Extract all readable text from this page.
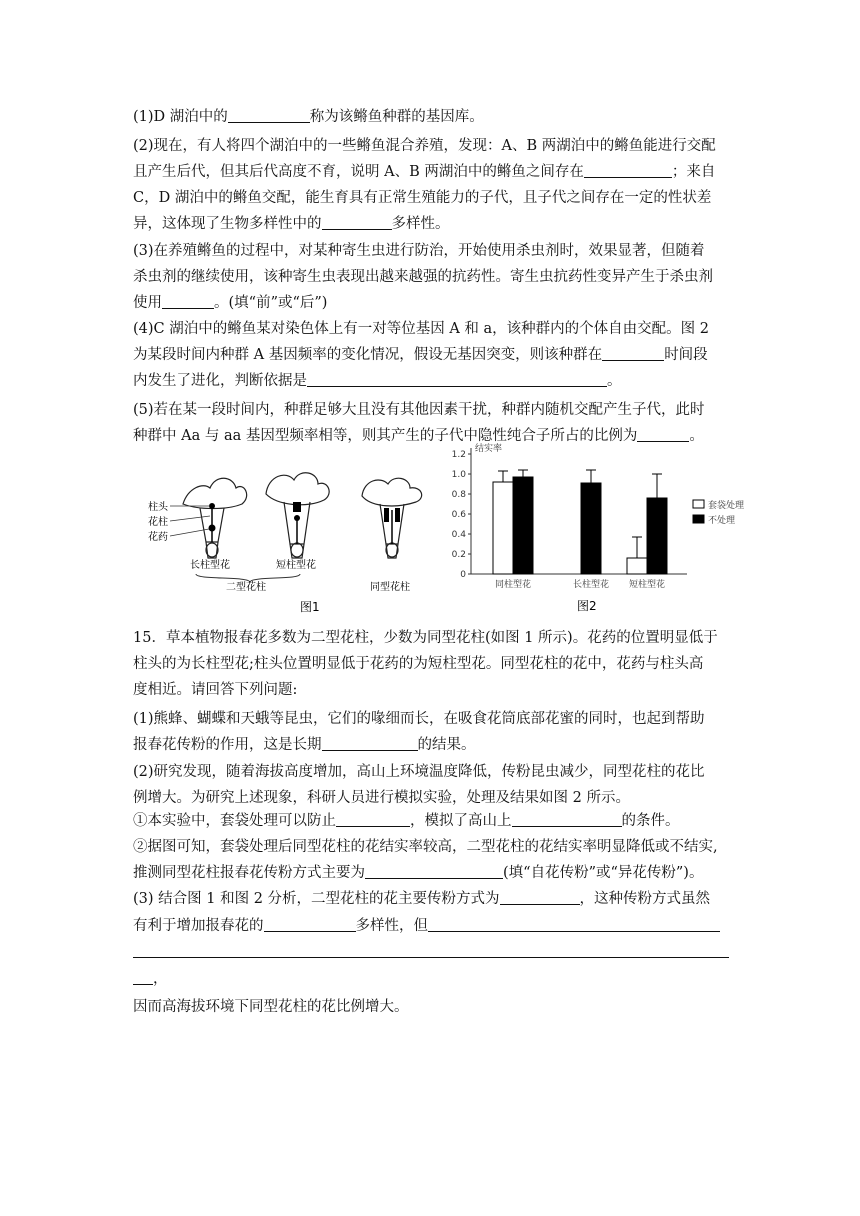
(1)D 湖泊中的	称为该鳉鱼种群的基因库。

(2)现在，有人将四个湖泊中的一些鳉鱼混合养殖，发现：A、B 两湖泊中的鳉鱼能进行交配

且产生后代，但其后代高度不育，说明 A、B 两湖泊中的鳉鱼之间存在	；来自

C，D 湖泊中的鳉鱼交配，能生育具有正常生殖能力的子代，且子代之间存在一定的性状差

异，这体现了生物多样性中的	多样性。

(3)在养殖鳉鱼的过程中，对某种寄生虫进行防治，开始使用杀虫剂时，效果显著，但随着

杀虫剂的继续使用，该种寄生虫表现出越来越强的抗药性。寄生虫抗药性变异产生于杀虫剂

使用	。(填“前”或“后”)

(4)C 湖泊中的鳉鱼某对染色体上有一对等位基因 A 和 a，该种群内的个体自由交配。图 2

为某段时间内种群 A 基因频率的变化情况，假设无基因突变，则该种群在	时间段

内发生了进化，判断依据是	。

(5)若在某一段时间内，种群足够大且没有其他因素干扰，种群内随机交配产生子代，此时

种群中 Aa 与 aa 基因型频率相等，则其产生的子代中隐性纯合子所占的比例为	。

柱头
花柱
花药
长柱型花	短柱型花
二型花柱	同型花柱
图1
结实率
0
0.2
0.4
0.6
0.8
1.0
1.2
同柱型花	长柱型花 短柱型花
套袋处理
不处理
图2

15．草本植物报春花多数为二型花柱，少数为同型花柱(如图 1 所示)。花药的位置明显低于

柱头的为长柱型花;柱头位置明显低于花药的为短柱型花。同型花柱的花中，花药与柱头高

度相近。请回答下列问题:

(1)熊蜂、蝴蝶和天蛾等昆虫，它们的喙细而长，在吸食花筒底部花蜜的同时，也起到帮助

报春花传粉的作用，这是长期	的结果。

(2)研究发现，随着海拔高度增加，高山上环境温度降低，传粉昆虫减少，同型花柱的花比

例增大。为研究上述现象，科研人员进行模拟实验，处理及结果如图 2 所示。

①本实验中，套袋处理可以防止	，模拟了高山上	的条件。

②据图可知，套袋处理后同型花柱的花结实率较高，二型花柱的花结实率明显降低或不结实,

推测同型花柱报春花传粉方式主要为	(填“自花传粉”或“异花传粉”)。

(3) 结合图 1 和图 2 分析，二型花柱的花主要传粉方式为	，这种传粉方式虽然

有利于增加报春花的	多样性，但

，

因而高海拔环境下同型花柱的花比例增大。
